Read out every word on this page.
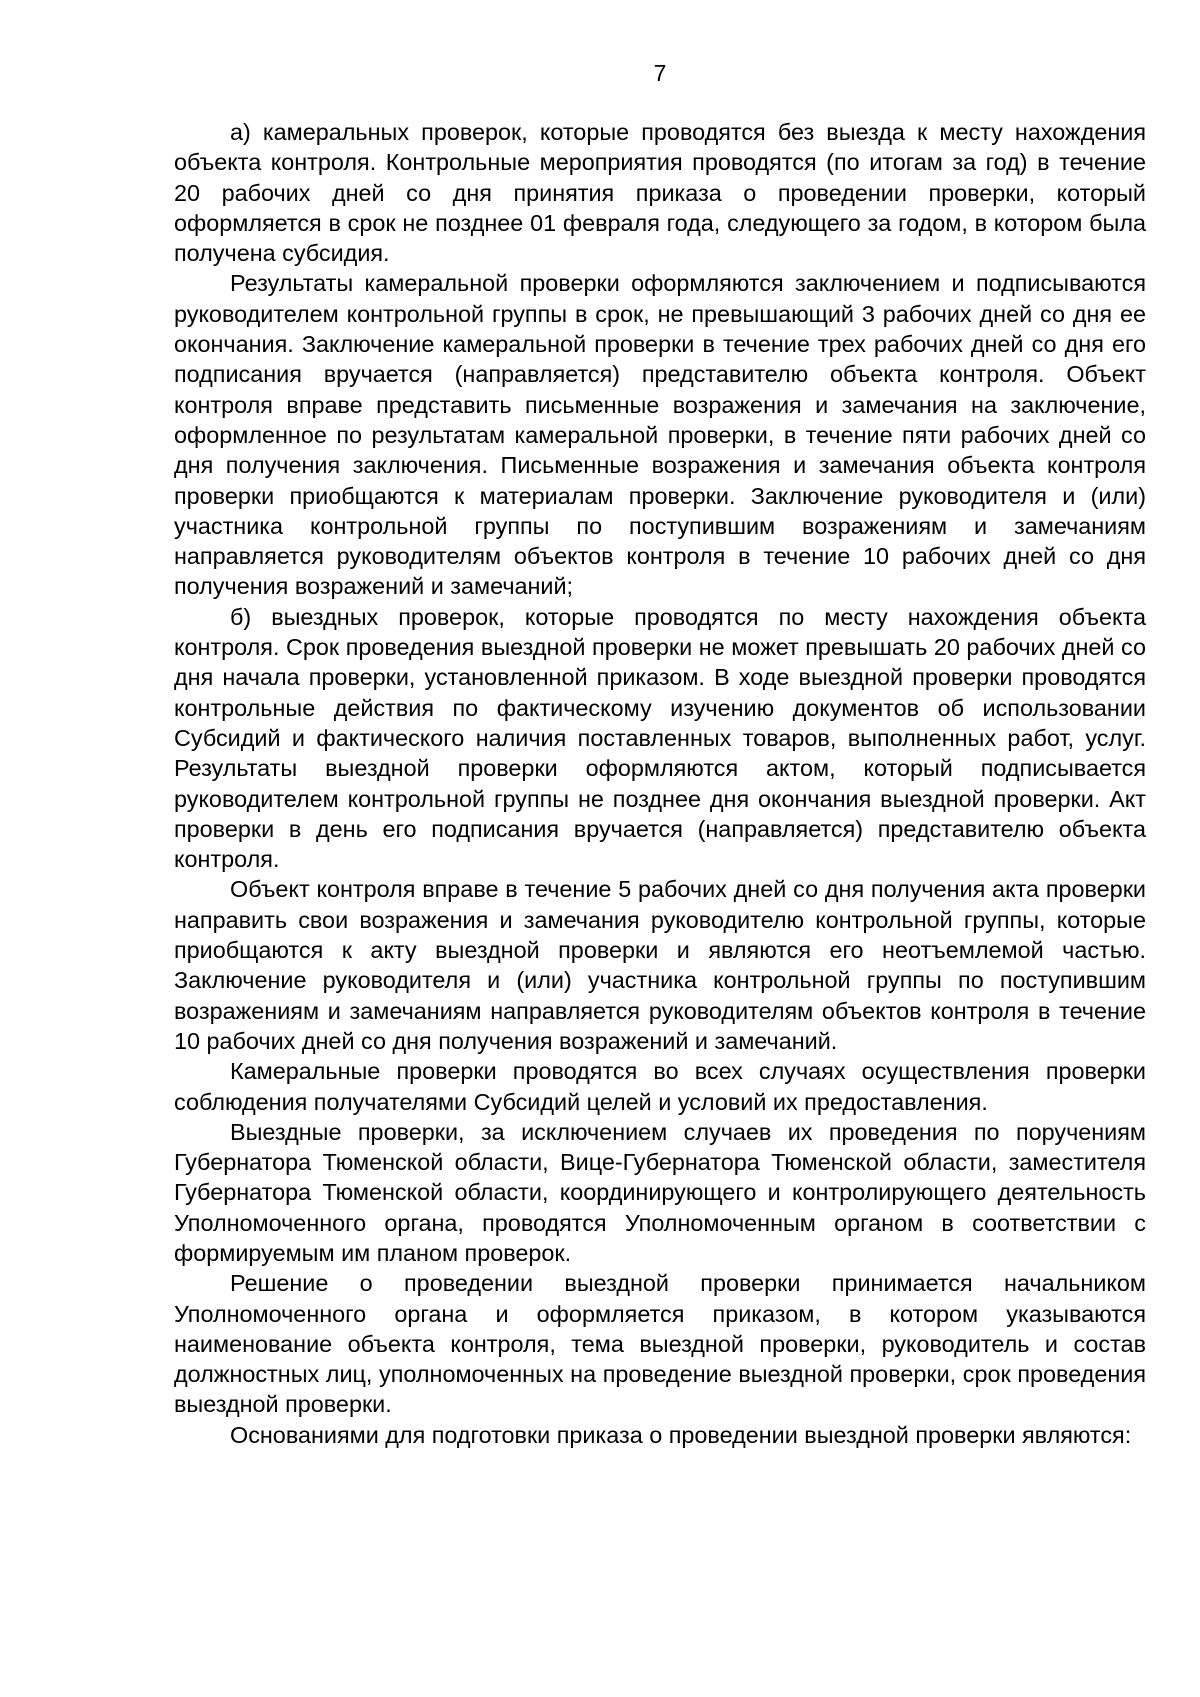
7

а) камеральных проверок, которые проводятся без выезда к месту нахождения объекта контроля. Контрольные мероприятия проводятся (по итогам за год) в течение 20 рабочих дней со дня принятия приказа о проведении проверки, который оформляется в срок не позднее 01 февраля года, следующего за годом, в котором была получена субсидия.

Результаты камеральной проверки оформляются заключением и подписываются руководителем контрольной группы в срок, не превышающий 3 рабочих дней со дня ее окончания. Заключение камеральной проверки в течение трех рабочих дней со дня его подписания вручается (направляется) представителю объекта контроля. Объект контроля вправе представить письменные возражения и замечания на заключение, оформленное по результатам камеральной проверки, в течение пяти рабочих дней со дня получения заключения. Письменные возражения и замечания объекта контроля проверки приобщаются к материалам проверки. Заключение руководителя и (или) участника контрольной группы по поступившим возражениям и замечаниям направляется руководителям объектов контроля в течение 10 рабочих дней со дня получения возражений и замечаний;

б) выездных проверок, которые проводятся по месту нахождения объекта контроля. Срок проведения выездной проверки не может превышать 20 рабочих дней со дня начала проверки, установленной приказом. В ходе выездной проверки проводятся контрольные действия по фактическому изучению документов об использовании Субсидий и фактического наличия поставленных товаров, выполненных работ, услуг. Результаты выездной проверки оформляются актом, который подписывается руководителем контрольной группы не позднее дня окончания выездной проверки. Акт проверки в день его подписания вручается (направляется) представителю объекта контроля.

Объект контроля вправе в течение 5 рабочих дней со дня получения акта проверки направить свои возражения и замечания руководителю контрольной группы, которые приобщаются к акту выездной проверки и являются его неотъемлемой частью. Заключение руководителя и (или) участника контрольной группы по поступившим возражениям и замечаниям направляется руководителям объектов контроля в течение 10 рабочих дней со дня получения возражений и замечаний.

Камеральные проверки проводятся во всех случаях осуществления проверки соблюдения получателями Субсидий целей и условий их предоставления.

Выездные проверки, за исключением случаев их проведения по поручениям Губернатора Тюменской области, Вице-Губернатора Тюменской области, заместителя Губернатора Тюменской области, координирующего и контролирующего деятельность Уполномоченного органа, проводятся Уполномоченным органом в соответствии с формируемым им планом проверок.

Решение о проведении выездной проверки принимается начальником Уполномоченного органа и оформляется приказом, в котором указываются наименование объекта контроля, тема выездной проверки, руководитель и состав должностных лиц, уполномоченных на проведение выездной проверки, срок проведения выездной проверки.

Основаниями для подготовки приказа о проведении выездной проверки являются:
